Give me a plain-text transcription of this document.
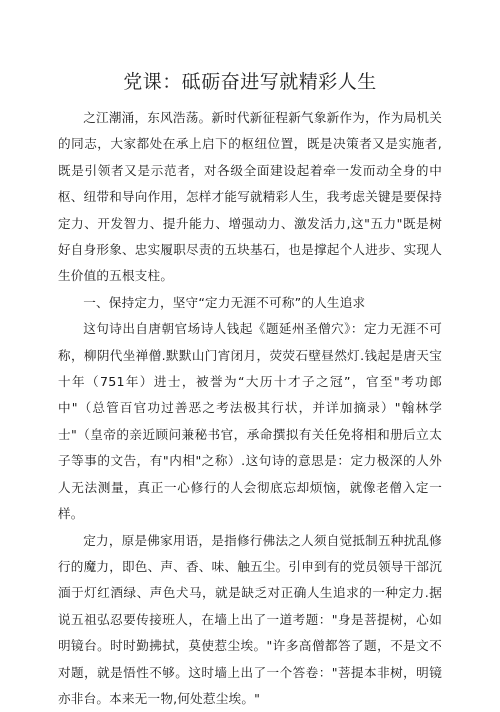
党课：砥砺奋进写就精彩人生

之江潮涌，东风浩荡。新时代新征程新气象新作为，作为局机关的同志，大家都处在承上启下的枢纽位置，既是决策者又是实施者,既是引领者又是示范者，对各级全面建设起着牵一发而动全身的中枢、纽带和导向作用，怎样才能写就精彩人生，我考虑关键是要保持定力、开发智力、提升能力、增强动力、激发活力,这"五力"既是树好自身形象、忠实履职尽责的五块基石，也是撑起个人进步、实现人生价值的五根支柱。

一、保持定力，坚守“定力无涯不可称”的人生追求

这句诗出自唐朝官场诗人钱起《题延州圣僧穴》：定力无涯不可称，柳阴代坐禅僧.默默山门宵闭月，荧荧石壁昼然灯.钱起是唐天宝十年（751年）进士，被誉为“大历十才子之冠”，官至"考功郎中"（总管百官功过善恶之考法极其行状，并详加摘录）"翰林学士"（皇帝的亲近顾问兼秘书官，承命撰拟有关任免将相和册后立太子等事的文告，有"内相"之称）.这句诗的意思是：定力极深的人外人无法测量，真正一心修行的人会彻底忘却烦恼，就像老僧入定一样。

定力，原是佛家用语，是指修行佛法之人须自觉抵制五种扰乱修行的魔力，即色、声、香、味、触五尘。引申到有的党员领导干部沉湎于灯红酒绿、声色犬马，就是缺乏对正确人生追求的一种定力.据说五祖弘忍要传接班人，在墙上出了一道考题："身是菩提树，心如明镜台。时时勤拂拭，莫使惹尘埃。"许多高僧都答了题，不是文不对题，就是悟性不够。这时墙上出了一个答卷："菩提本非树，明镜亦非台。本来无一物,何处惹尘埃。"
